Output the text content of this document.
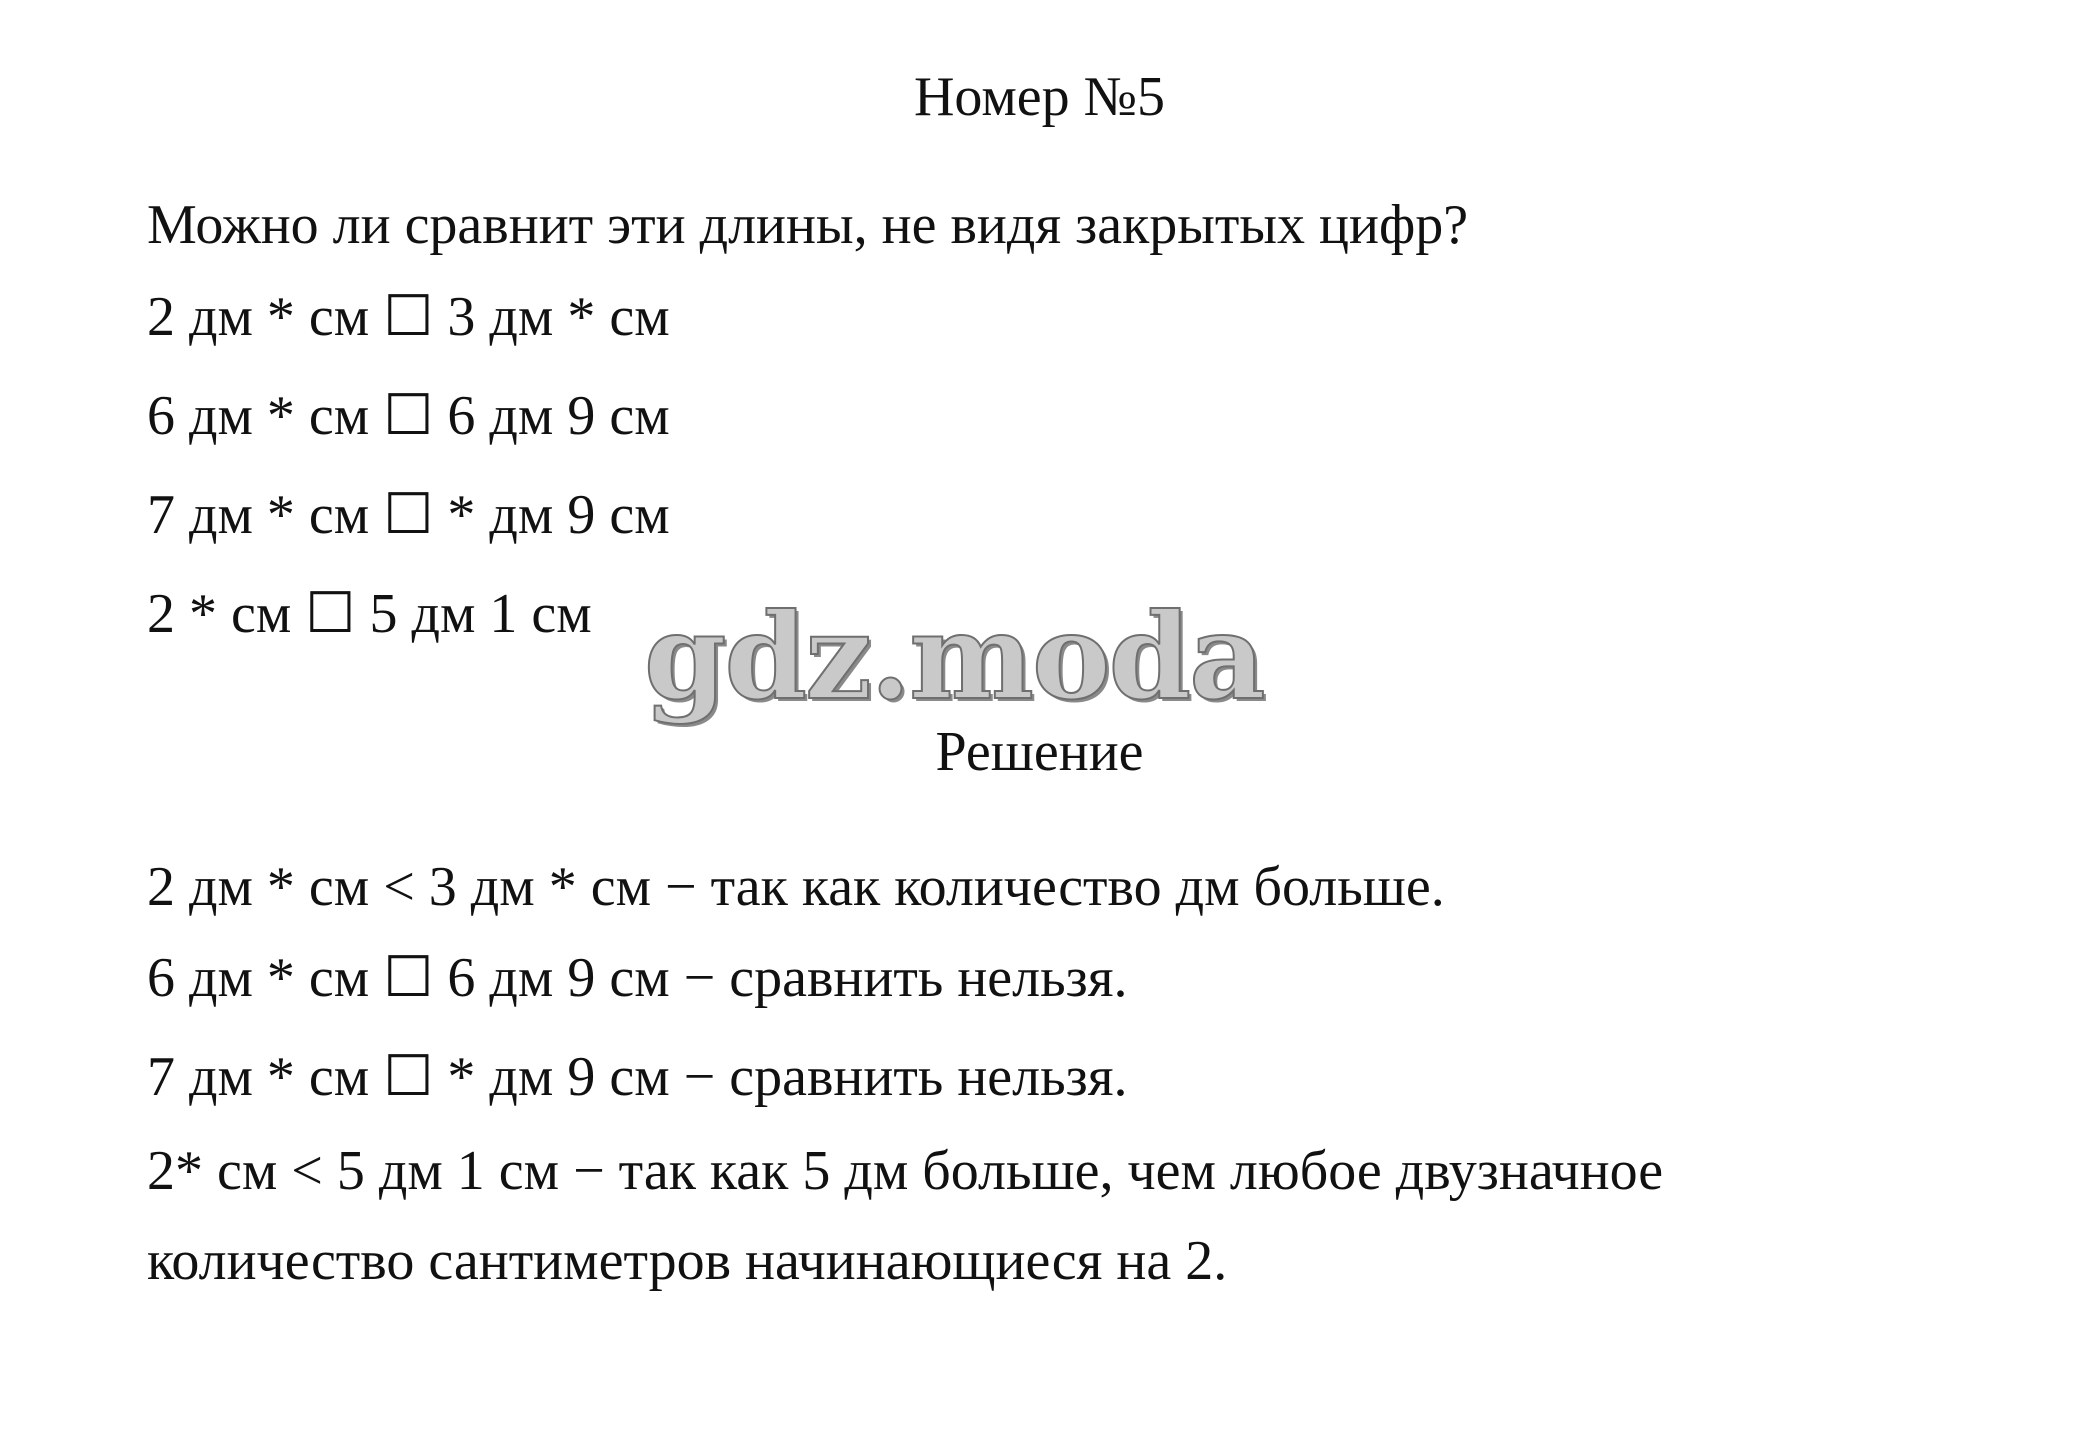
Номер №5
Можно ли сравнит эти длины, не видя закрытых цифр?
2 дм * см ☐ 3 дм * см
6 дм * см ☐ 6 дм 9 см
7 дм * см ☐ * дм 9 см
2 * см ☐ 5 дм 1 см gdz.moda
Решение
2 дм * см < 3 дм * см − так как количество дм больше.
6 дм * см ☐ 6 дм 9 см − сравнить нельзя.
7 дм * см ☐ * дм 9 см − сравнить нельзя.
2* см < 5 дм 1 см − так как 5 дм больше, чем любое двузначное
количество сантиметров начинающиеся на 2.
